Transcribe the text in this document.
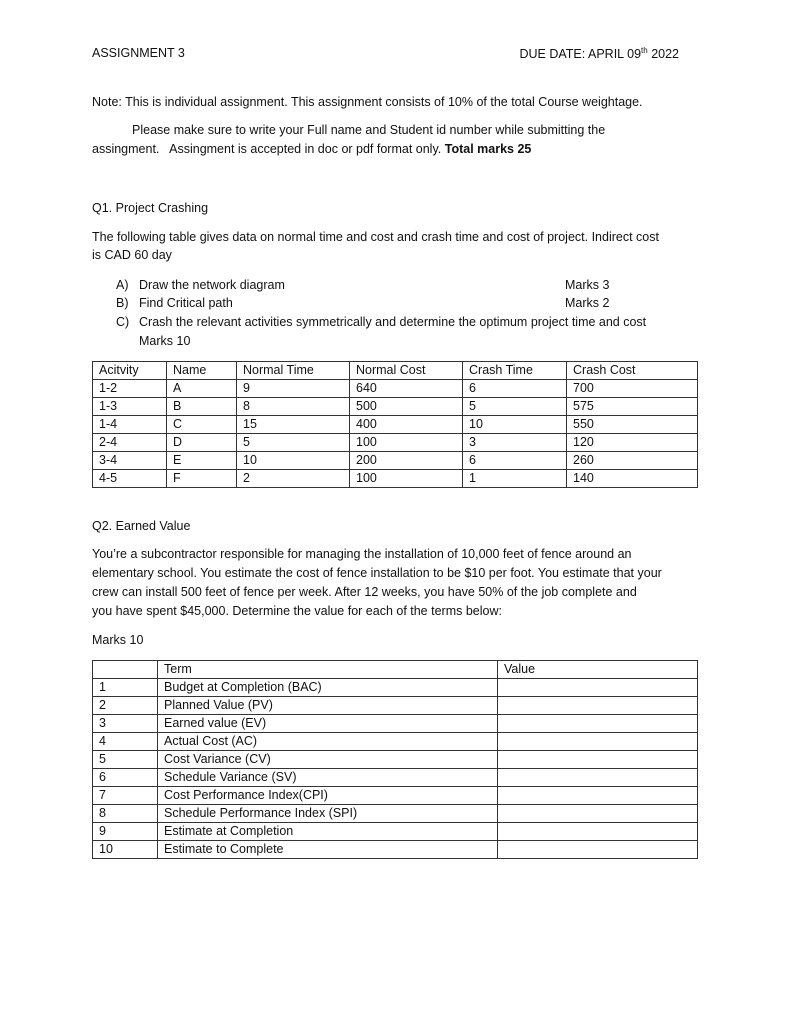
ASSIGNMENT 3	DUE DATE: APRIL 09th 2022

Note: This is individual assignment. This assignment consists of 10% of the total Course weightage.

Please make sure to write your Full name and Student id number while submitting the

assingment.   Assingment is accepted in doc or pdf format only. Total marks 25

Q1. Project Crashing

The following table gives data on normal time and cost and crash time and cost of project. Indirect cost

is CAD 60 day

A) Draw the network diagram	Marks 3
B) Find Critical path	Marks 2
C) Crash the relevant activities symmetrically and determine the optimum project time and cost
Marks 10
Acitvity	Name	Normal Time	Normal Cost	Crash Time	Crash Cost
1-2	A	9	640	6	700
1-3	B	8	500	5	575
1-4	C	15	400	10	550
2-4	D	5	100	3	120
3-4	E	10	200	6	260
4-5	F	2	100	1	140

Q2. Earned Value

You’re a subcontractor responsible for managing the installation of 10,000 feet of fence around an

elementary school. You estimate the cost of fence installation to be $10 per foot. You estimate that your

crew can install 500 feet of fence per week. After 12 weeks, you have 50% of the job complete and

you have spent $45,000. Determine the value for each of the terms below:

Marks 10

	Term	Value
1	Budget at Completion (BAC)	
2	Planned Value (PV)	
3	Earned value (EV)	
4	Actual Cost (AC)	
5	Cost Variance (CV)	
6	Schedule Variance (SV)	
7	Cost Performance Index(CPI)	
8	Schedule Performance Index (SPI)	
9	Estimate at Completion	
10	Estimate to Complete	
